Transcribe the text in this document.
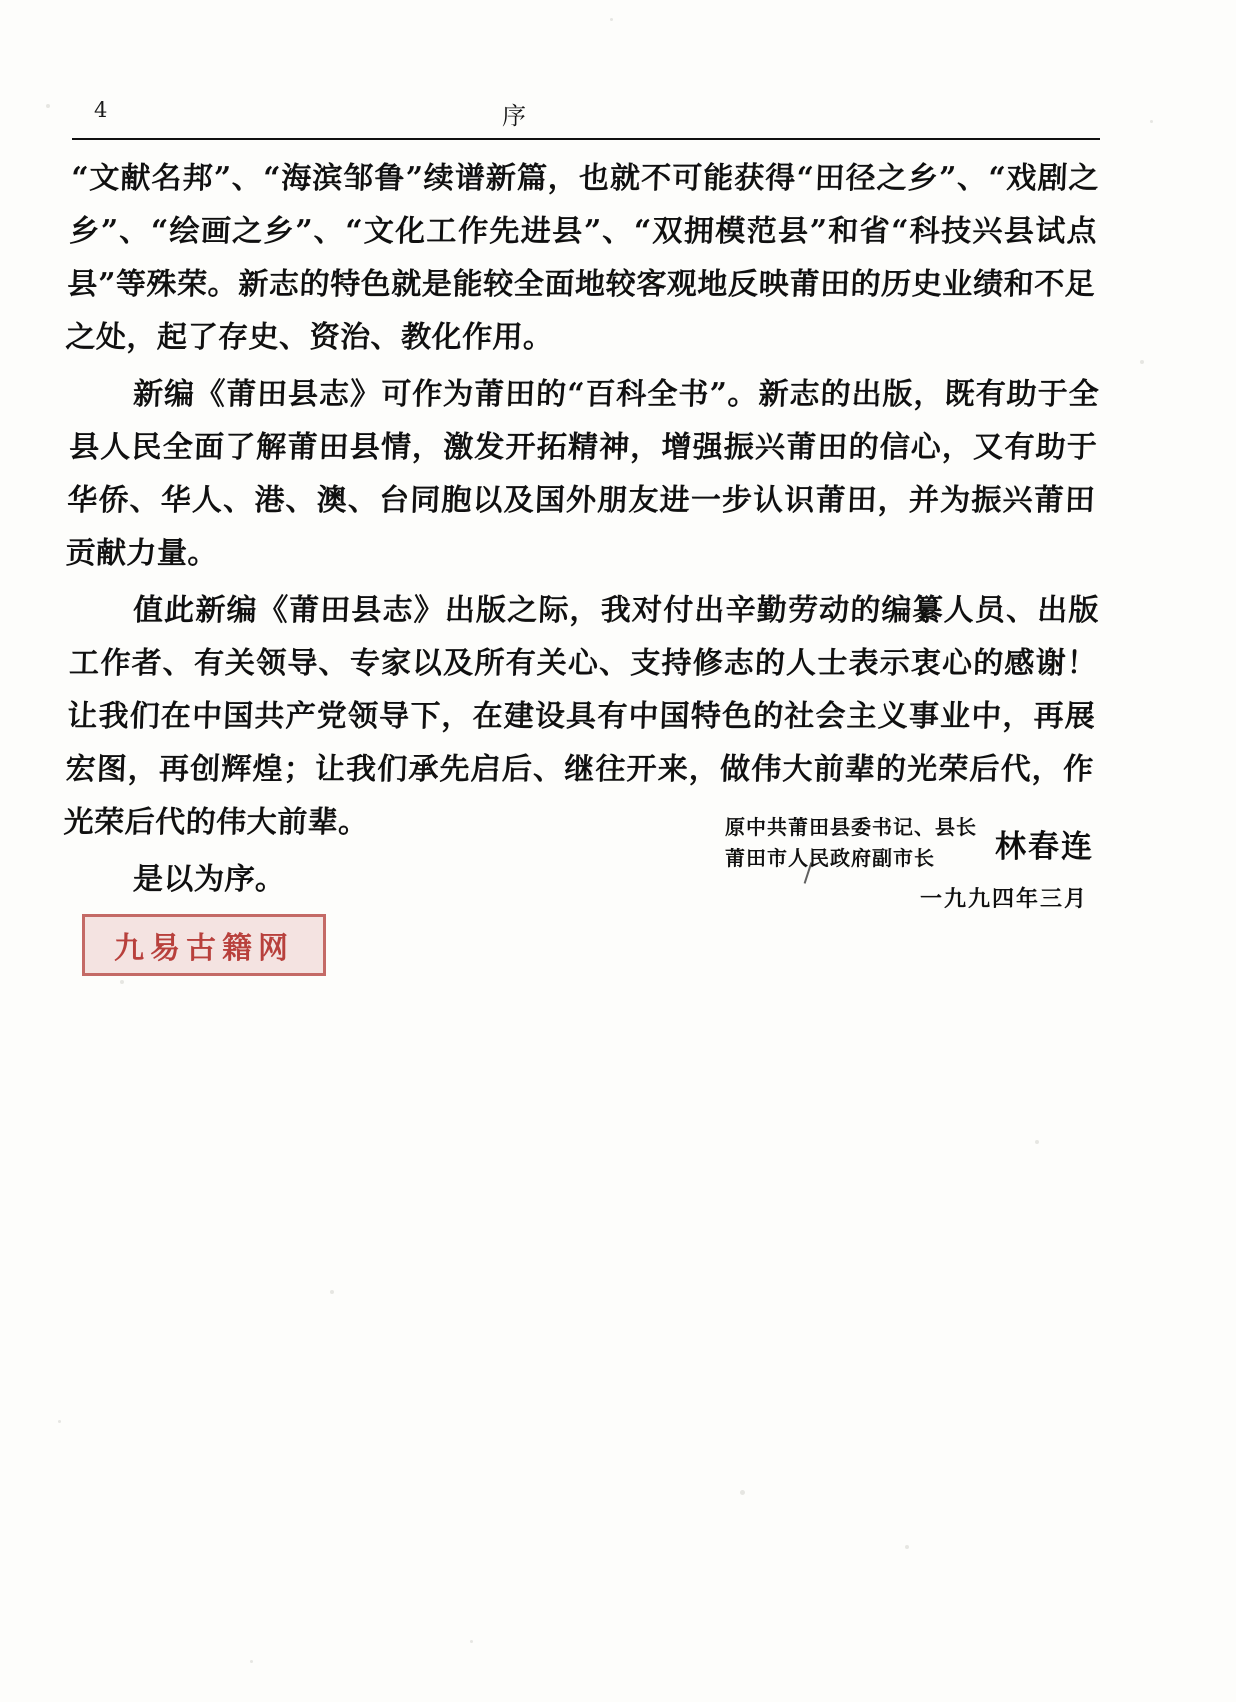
4	序

“文献名邦”、“海滨邹鲁”续谱新篇，也就不可能获得“田径之乡”、“戏剧之乡”、“绘画之乡”、“文化工作先进县”、“双拥模范县”和省“科技兴县试点县”等殊荣。新志的特色就是能较全面地较客观地反映莆田的历史业绩和不足之处，起了存史、资治、教化作用。

新编《莆田县志》可作为莆田的“百科全书”。新志的出版，既有助于全县人民全面了解莆田县情，激发开拓精神，增强振兴莆田的信心，又有助于华侨、华人、港、澳、台同胞以及国外朋友进一步认识莆田，并为振兴莆田贡献力量。

值此新编《莆田县志》出版之际，我对付出辛勤劳动的编纂人员、出版工作者、有关领导、专家以及所有关心、支持修志的人士表示衷心的感谢！让我们在中国共产党领导下，在建设具有中国特色的社会主义事业中，再展宏图，再创辉煌；让我们承先启后、继往开来，做伟大前辈的光荣后代，作光荣后代的伟大前辈。

是以为序。

原中共莆田县委书记、县长
莆田市人民政府副市长	林春连
一九九四年三月
九易古籍网
